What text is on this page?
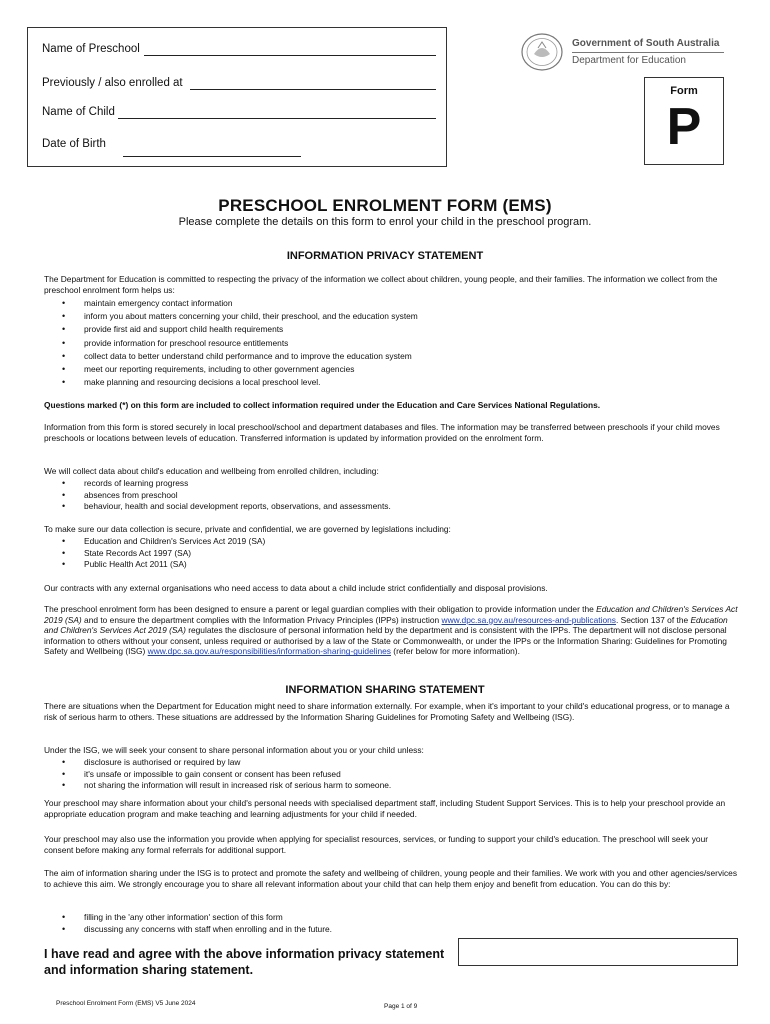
Name of Preschool
Previously / also enrolled at
Name of Child
Date of Birth
Government of South Australia
Department for Education
Form
P
PRESCHOOL ENROLMENT FORM (EMS)
Please complete the details on this form to enrol your child in the preschool program.
INFORMATION PRIVACY STATEMENT
The Department for Education is committed to respecting the privacy of the information we collect about children, young people, and their families. The information we collect from the preschool enrolment form helps us:
• maintain emergency contact information
• inform you about matters concerning your child, their preschool, and the education system
• provide first aid and support child health requirements
• provide information for preschool resource entitlements
• collect data to better understand child performance and to improve the education system
• meet our reporting requirements, including to other government agencies
• make planning and resourcing decisions a local preschool level.
Questions marked (*) on this form are included to collect information required under the Education and Care Services National Regulations.
Information from this form is stored securely in local preschool/school and department databases and files. The information may be transferred between preschools if your child moves preschools or locations between levels of education. Transferred information is updated by information provided on the enrolment form.
We will collect data about child's education and wellbeing from enrolled children, including:
• records of learning progress
• absences from preschool
• behaviour, health and social development reports, observations, and assessments.
To make sure our data collection is secure, private and confidential, we are governed by legislations including:
• Education and Children's Services Act 2019 (SA)
• State Records Act 1997 (SA)
• Public Health Act 2011 (SA)
Our contracts with any external organisations who need access to data about a child include strict confidentially and disposal provisions.
The preschool enrolment form has been designed to ensure a parent or legal guardian complies with their obligation to provide information under the Education and Children's Services Act 2019 (SA) and to ensure the department complies with the Information Privacy Principles (IPPs) instruction www.dpc.sa.gov.au/resources-and-publications. Section 137 of the Education and Children's Services Act 2019 (SA) regulates the disclosure of personal information held by the department and is consistent with the IPPs. The department will not disclose personal information to others without your consent, unless required or authorised by a law of the State or Commonwealth, or under the IPPs or the Information Sharing: Guidelines for Promoting Safety and Wellbeing (ISG) www.dpc.sa.gov.au/responsibilities/information-sharing-guidelines (refer below for more information).
INFORMATION SHARING STATEMENT
There are situations when the Department for Education might need to share information externally. For example, when it's important to your child's educational progress, or to manage a risk of serious harm to others. These situations are addressed by the Information Sharing Guidelines for Promoting Safety and Wellbeing (ISG).
Under the ISG, we will seek your consent to share personal information about you or your child unless:
• disclosure is authorised or required by law
• it's unsafe or impossible to gain consent or consent has been refused
• not sharing the information will result in increased risk of serious harm to someone.
Your preschool may share information about your child's personal needs with specialised department staff, including Student Support Services. This is to help your preschool provide an appropriate education program and make teaching and learning adjustments for your child if needed.
Your preschool may also use the information you provide when applying for specialist resources, services, or funding to support your child's education. The preschool will seek your consent before making any formal referrals for additional support.
The aim of information sharing under the ISG is to protect and promote the safety and wellbeing of children, young people and their families. We work with you and other agencies/services to achieve this aim. We strongly encourage you to share all relevant information about your child that can help them enjoy and benefit from education. You can do this by:
• filling in the 'any other information' section of this form
• discussing any concerns with staff when enrolling and in the future.
I have read and agree with the above information privacy statement and information sharing statement.
Preschool Enrolment Form (EMS) V5 June 2024	Page 1 of 9
